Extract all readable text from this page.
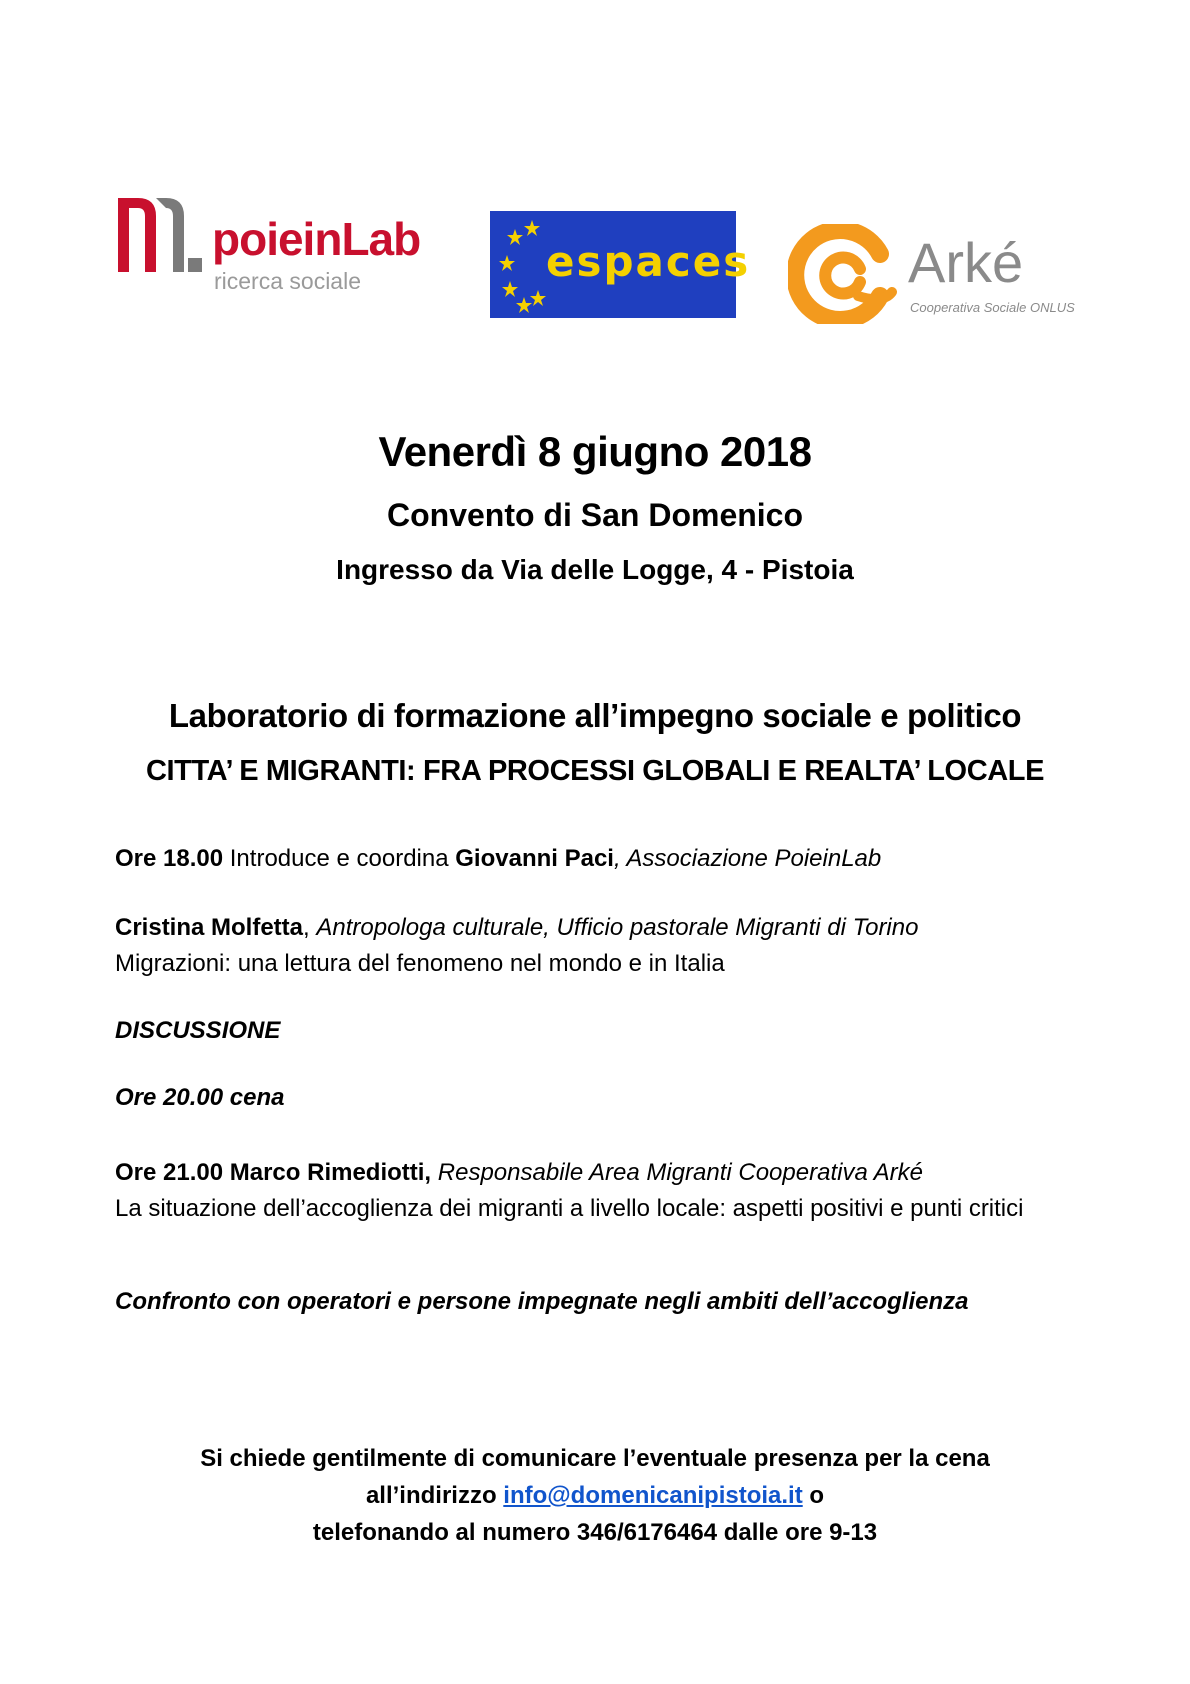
poieinLab
ricerca sociale	espaces	Arké
Cooperativa Sociale ONLUS
Venerdì 8 giugno 2018
Convento di San Domenico
Ingresso da Via delle Logge, 4 - Pistoia
Laboratorio di formazione all’impegno sociale e politico
CITTA’ E MIGRANTI: FRA PROCESSI GLOBALI E REALTA’ LOCALE
Ore 18.00 Introduce e coordina Giovanni Paci, Associazione PoieinLab
Cristina Molfetta, Antropologa culturale, Ufficio pastorale Migranti di Torino
Migrazioni: una lettura del fenomeno nel mondo e in Italia
DISCUSSIONE
Ore 20.00 cena
Ore 21.00 Marco Rimediotti, Responsabile Area Migranti Cooperativa Arké
La situazione dell’accoglienza dei migranti a livello locale: aspetti positivi e punti critici
Confronto con operatori e persone impegnate negli ambiti dell’accoglienza
Si chiede gentilmente di comunicare l’eventuale presenza per la cena
all’indirizzo info@domenicanipistoia.it o
telefonando al numero 346/6176464 dalle ore 9-13
